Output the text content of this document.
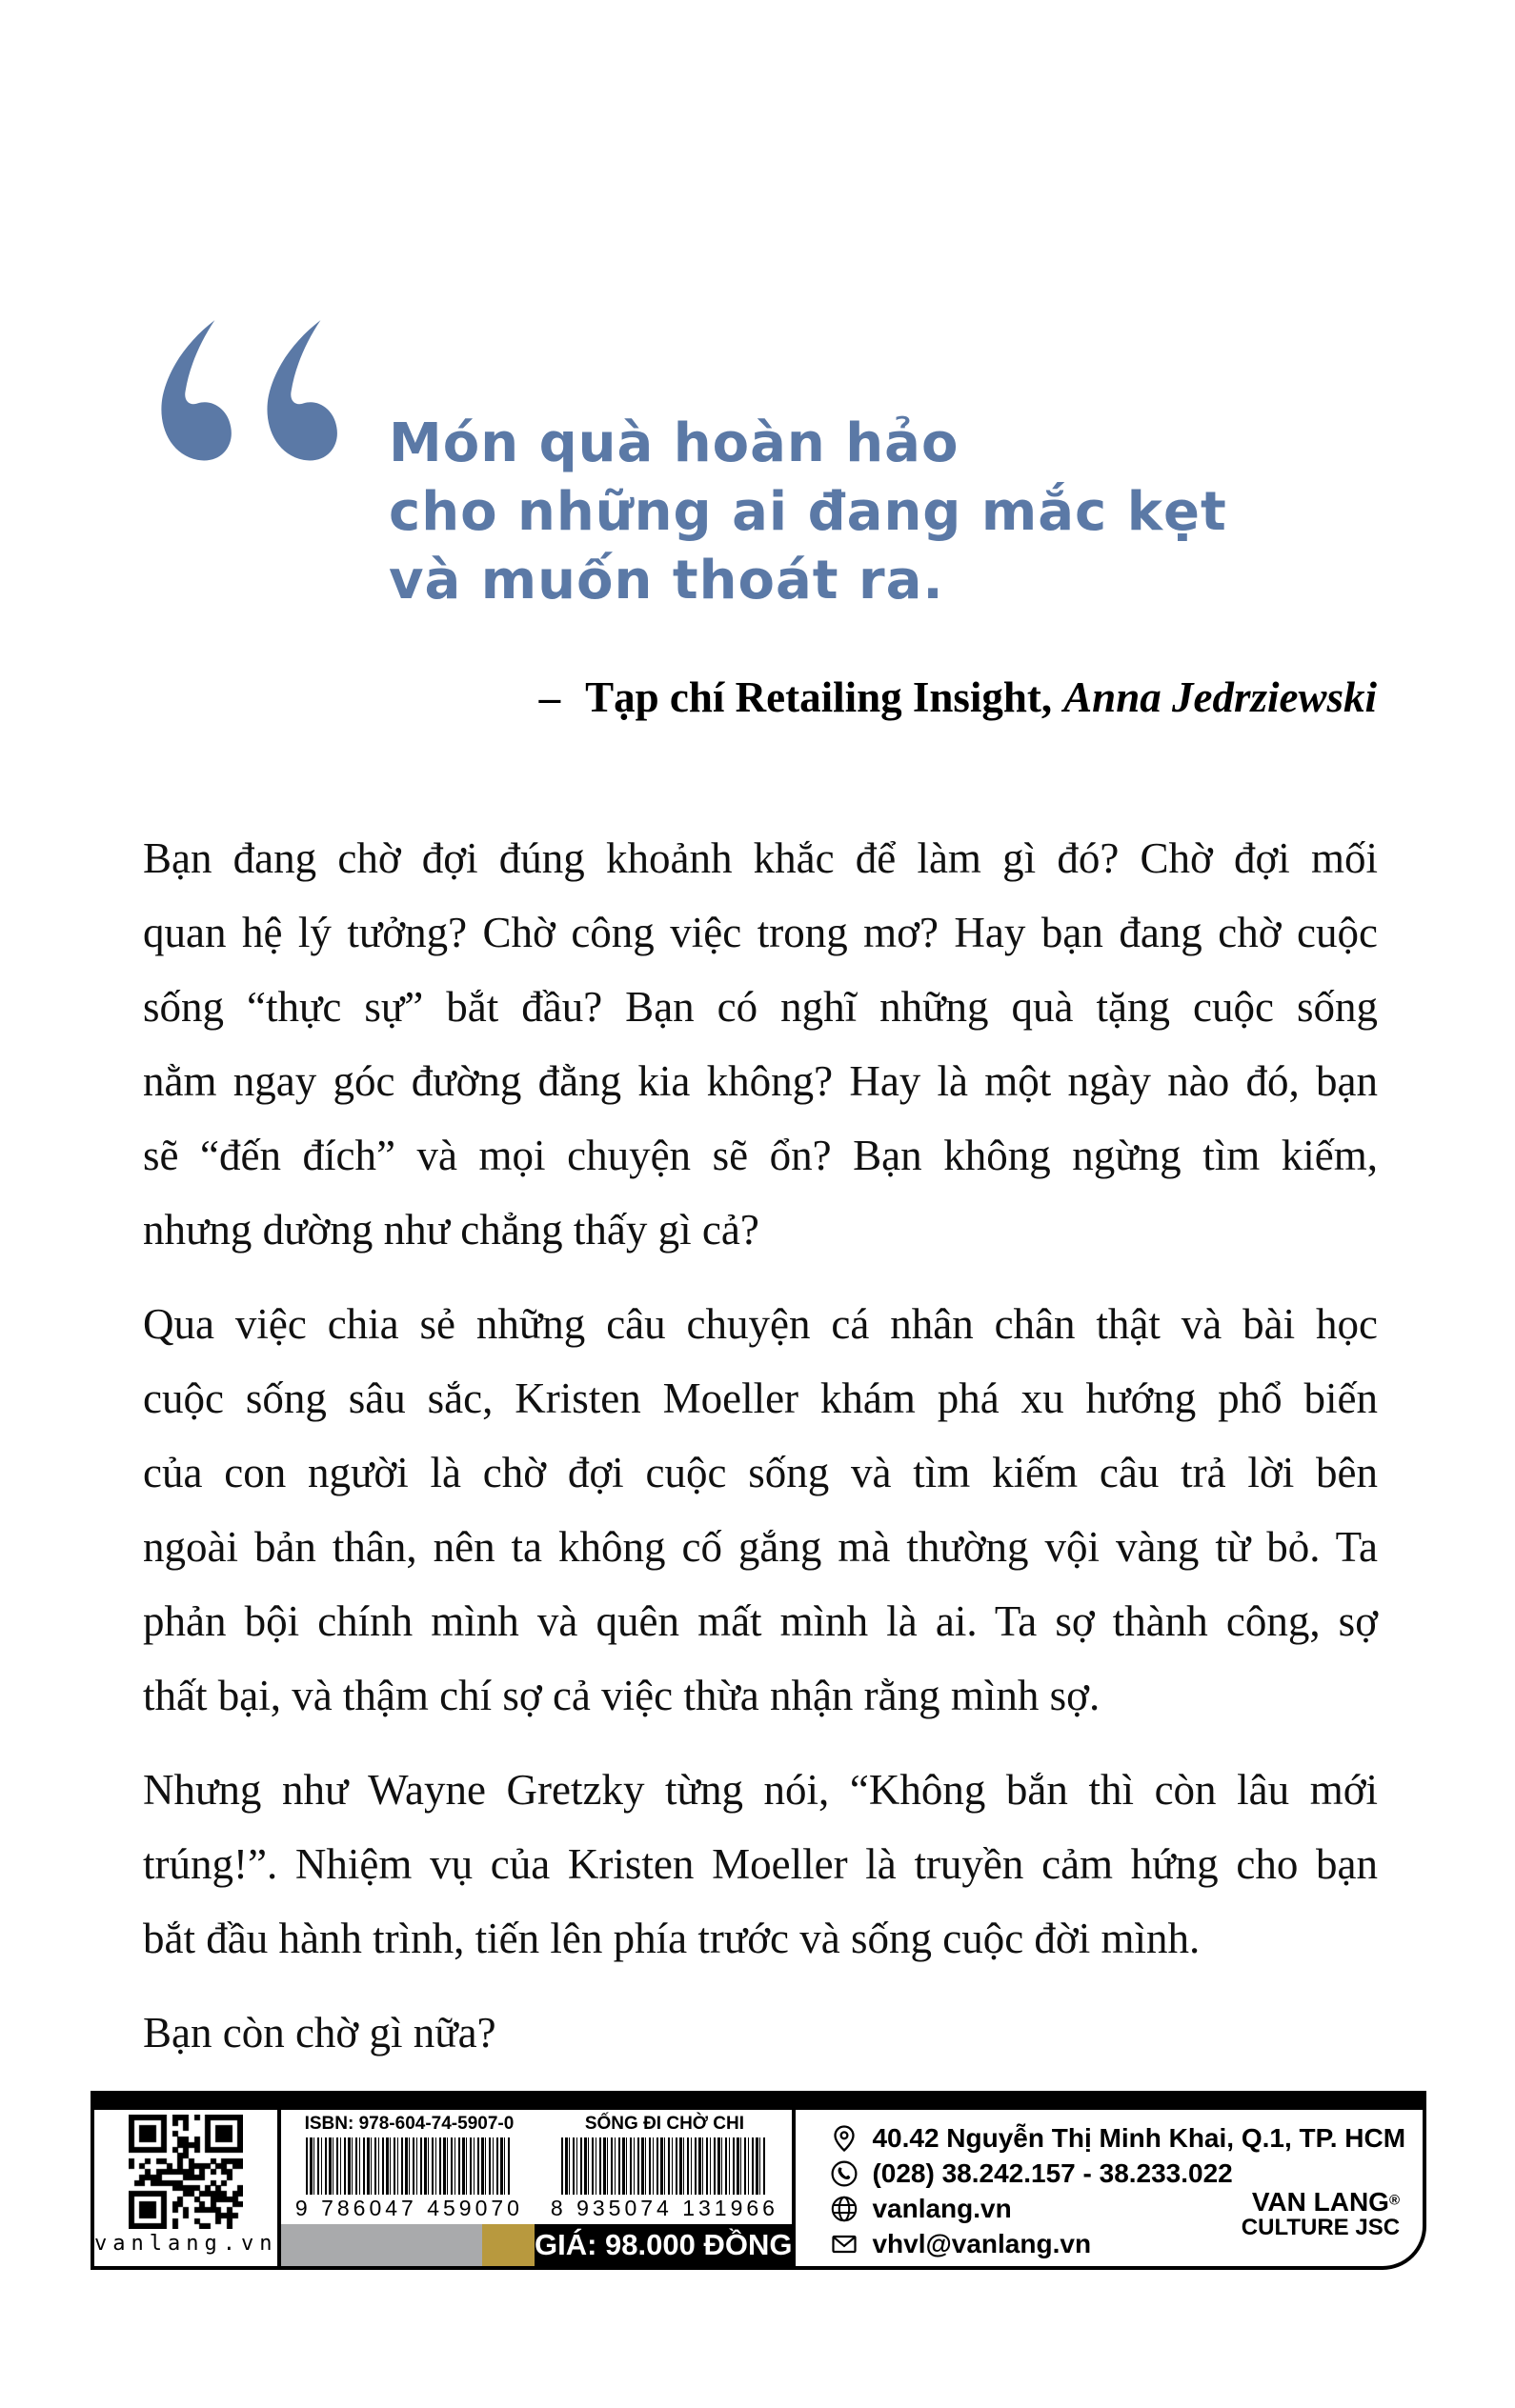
Món quà hoàn hảo
cho những ai đang mắc kẹt
và muốn thoát ra.
– Tạp chí Retailing Insight, Anna Jedrziewski
Bạn đang chờ đợi đúng khoảnh khắc để làm gì đó? Chờ đợi mối
quan hệ lý tưởng? Chờ công việc trong mơ? Hay bạn đang chờ cuộc
sống “thực sự” bắt đầu? Bạn có nghĩ những quà tặng cuộc sống
nằm ngay góc đường đằng kia không? Hay là một ngày nào đó, bạn
sẽ “đến đích” và mọi chuyện sẽ ổn? Bạn không ngừng tìm kiếm,
nhưng dường như chẳng thấy gì cả?
Qua việc chia sẻ những câu chuyện cá nhân chân thật và bài học
cuộc sống sâu sắc, Kristen Moeller khám phá xu hướng phổ biến
của con người là chờ đợi cuộc sống và tìm kiếm câu trả lời bên
ngoài bản thân, nên ta không cố gắng mà thường vội vàng từ bỏ. Ta
phản bội chính mình và quên mất mình là ai. Ta sợ thành công, sợ
thất bại, và thậm chí sợ cả việc thừa nhận rằng mình sợ.
Nhưng như Wayne Gretzky từng nói, “Không bắn thì còn lâu mới
trúng!”. Nhiệm vụ của Kristen Moeller là truyền cảm hứng cho bạn
bắt đầu hành trình, tiến lên phía trước và sống cuộc đời mình.
Bạn còn chờ gì nữa?
vanlang.vn
ISBN: 978-604-74-5907-0
9 786047 459070
SỐNG ĐI CHỜ CHI
8 935074 131966
GIÁ: 98.000 ĐỒNG
40.42 Nguyễn Thị Minh Khai, Q.1, TP. HCM
(028) 38.242.157 - 38.233.022
vanlang.vn
vhvl@vanlang.vn
VAN LANG®
CULTURE JSC
